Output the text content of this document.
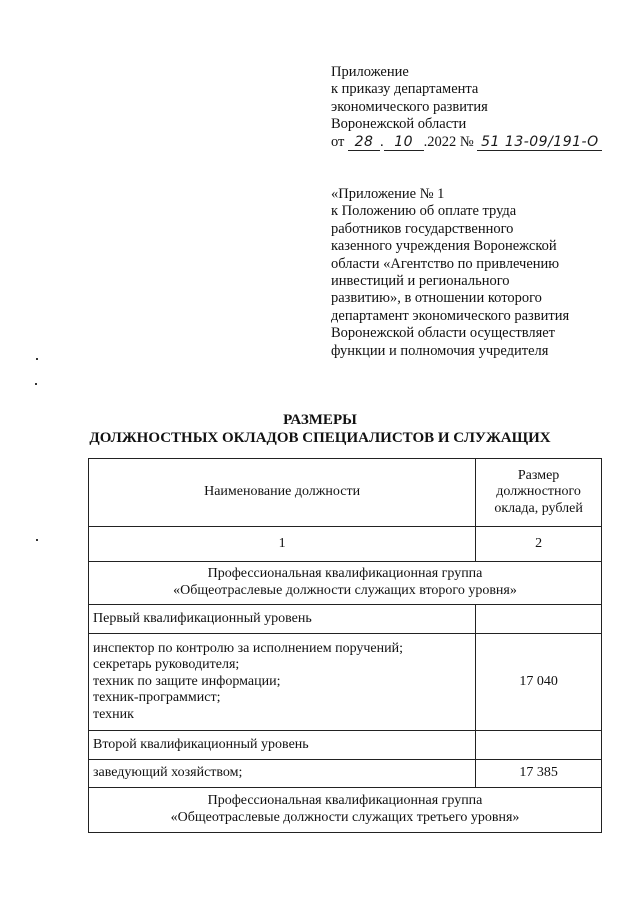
Приложение
к приказу департамента
экономического развития
Воронежской области
от 28 . 10 .2022 № 51 13-09/191-О
«Приложение № 1
к Положению об оплате труда
работников государственного
казенного учреждения Воронежской
области «Агентство по привлечению
инвестиций и регионального
развитию», в отношении которого
департамент экономического развития
Воронежской области осуществляет
функции и полномочия учредителя
РАЗМЕРЫ
ДОЛЖНОСТНЫХ ОКЛАДОВ СПЕЦИАЛИСТОВ И СЛУЖАЩИХ
Наименование должности	Размер должностного оклада, рублей
1	2

Профессиональная квалификационная группа
«Общеотраслевые должности служащих второго уровня»	

Первый квалификационный уровень	

инспектор по контролю за исполнением поручений;
секретарь руководителя;
техник по защите информации;
техник-программист;
техник	17 040
Второй квалификационный уровень	
заведующий хозяйством;	17 385

Профессиональная квалификационная группа
«Общеотраслевые должности служащих третьего уровня»	
